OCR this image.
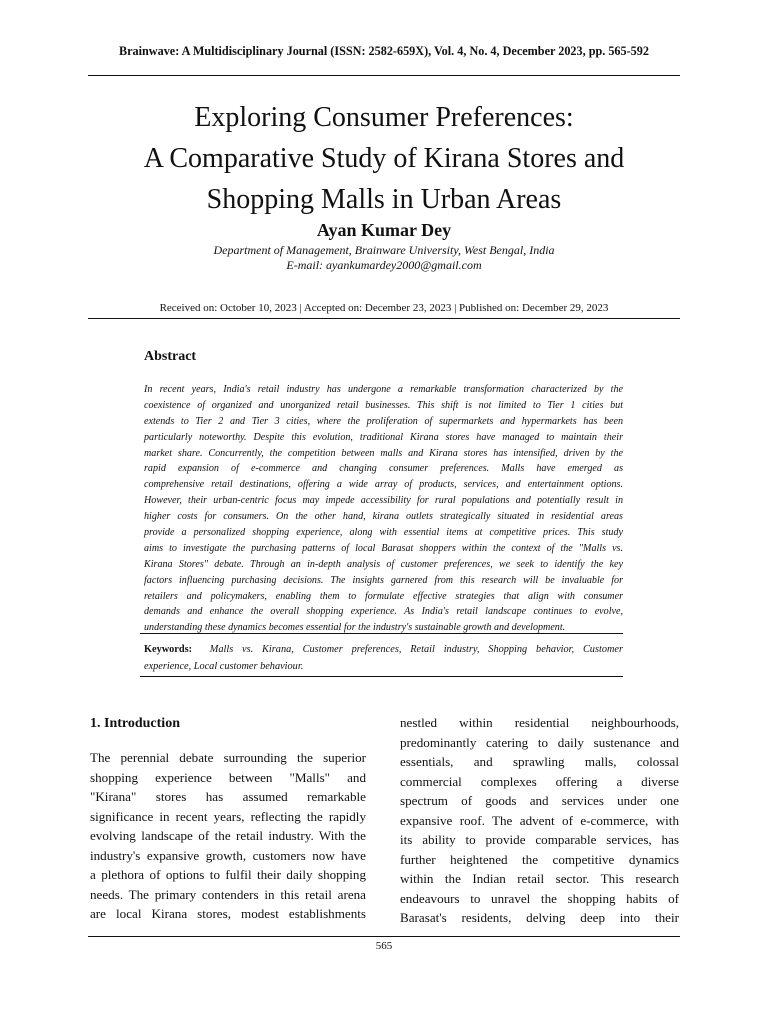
Brainwave: A Multidisciplinary Journal (ISSN: 2582-659X), Vol. 4, No. 4, December 2023, pp. 565-592
Exploring Consumer Preferences:
A Comparative Study of Kirana Stores and
Shopping Malls in Urban Areas
Ayan Kumar Dey
Department of Management, Brainware University, West Bengal, India
E-mail: ayankumardey2000@gmail.com
Received on: October 10, 2023 | Accepted on: December 23, 2023 | Published on: December 29, 2023
Abstract
In recent years, India's retail industry has undergone a remarkable transformation characterized by the
coexistence of organized and unorganized retail businesses. This shift is not limited to Tier 1 cities but
extends to Tier 2 and Tier 3 cities, where the proliferation of supermarkets and hypermarkets has been
particularly noteworthy. Despite this evolution, traditional Kirana stores have managed to maintain their
market share. Concurrently, the competition between malls and Kirana stores has intensified, driven by the
rapid expansion of e-commerce and changing consumer preferences. Malls have emerged as
comprehensive retail destinations, offering a wide array of products, services, and entertainment options.
However, their urban-centric focus may impede accessibility for rural populations and potentially result in
higher costs for consumers. On the other hand, kirana outlets strategically situated in residential areas
provide a personalized shopping experience, along with essential items at competitive prices. This study
aims to investigate the purchasing patterns of local Barasat shoppers within the context of the "Malls vs.
Kirana Stores" debate. Through an in-depth analysis of customer preferences, we seek to identify the key
factors influencing purchasing decisions. The insights garnered from this research will be invaluable for
retailers and policymakers, enabling them to formulate effective strategies that align with consumer
demands and enhance the overall shopping experience. As India's retail landscape continues to evolve,
understanding these dynamics becomes essential for the industry's sustainable growth and development.
Keywords: Malls vs. Kirana, Customer preferences, Retail industry, Shopping behavior, Customer
experience, Local customer behaviour.
1. Introduction
The perennial debate surrounding the superior
shopping experience between "Malls" and
"Kirana" stores has assumed remarkable
significance in recent years, reflecting the rapidly
evolving landscape of the retail industry. With the
industry's expansive growth, customers now have
a plethora of options to fulfil their daily shopping
needs. The primary contenders in this retail arena
are local Kirana stores, modest establishments
nestled within residential neighbourhoods,
predominantly catering to daily sustenance and
essentials, and sprawling malls, colossal
commercial complexes offering a diverse
spectrum of goods and services under one
expansive roof. The advent of e-commerce, with
its ability to provide comparable services, has
further heightened the competitive dynamics
within the Indian retail sector. This research
endeavours to unravel the shopping habits of
Barasat's residents, delving deep into their
565
